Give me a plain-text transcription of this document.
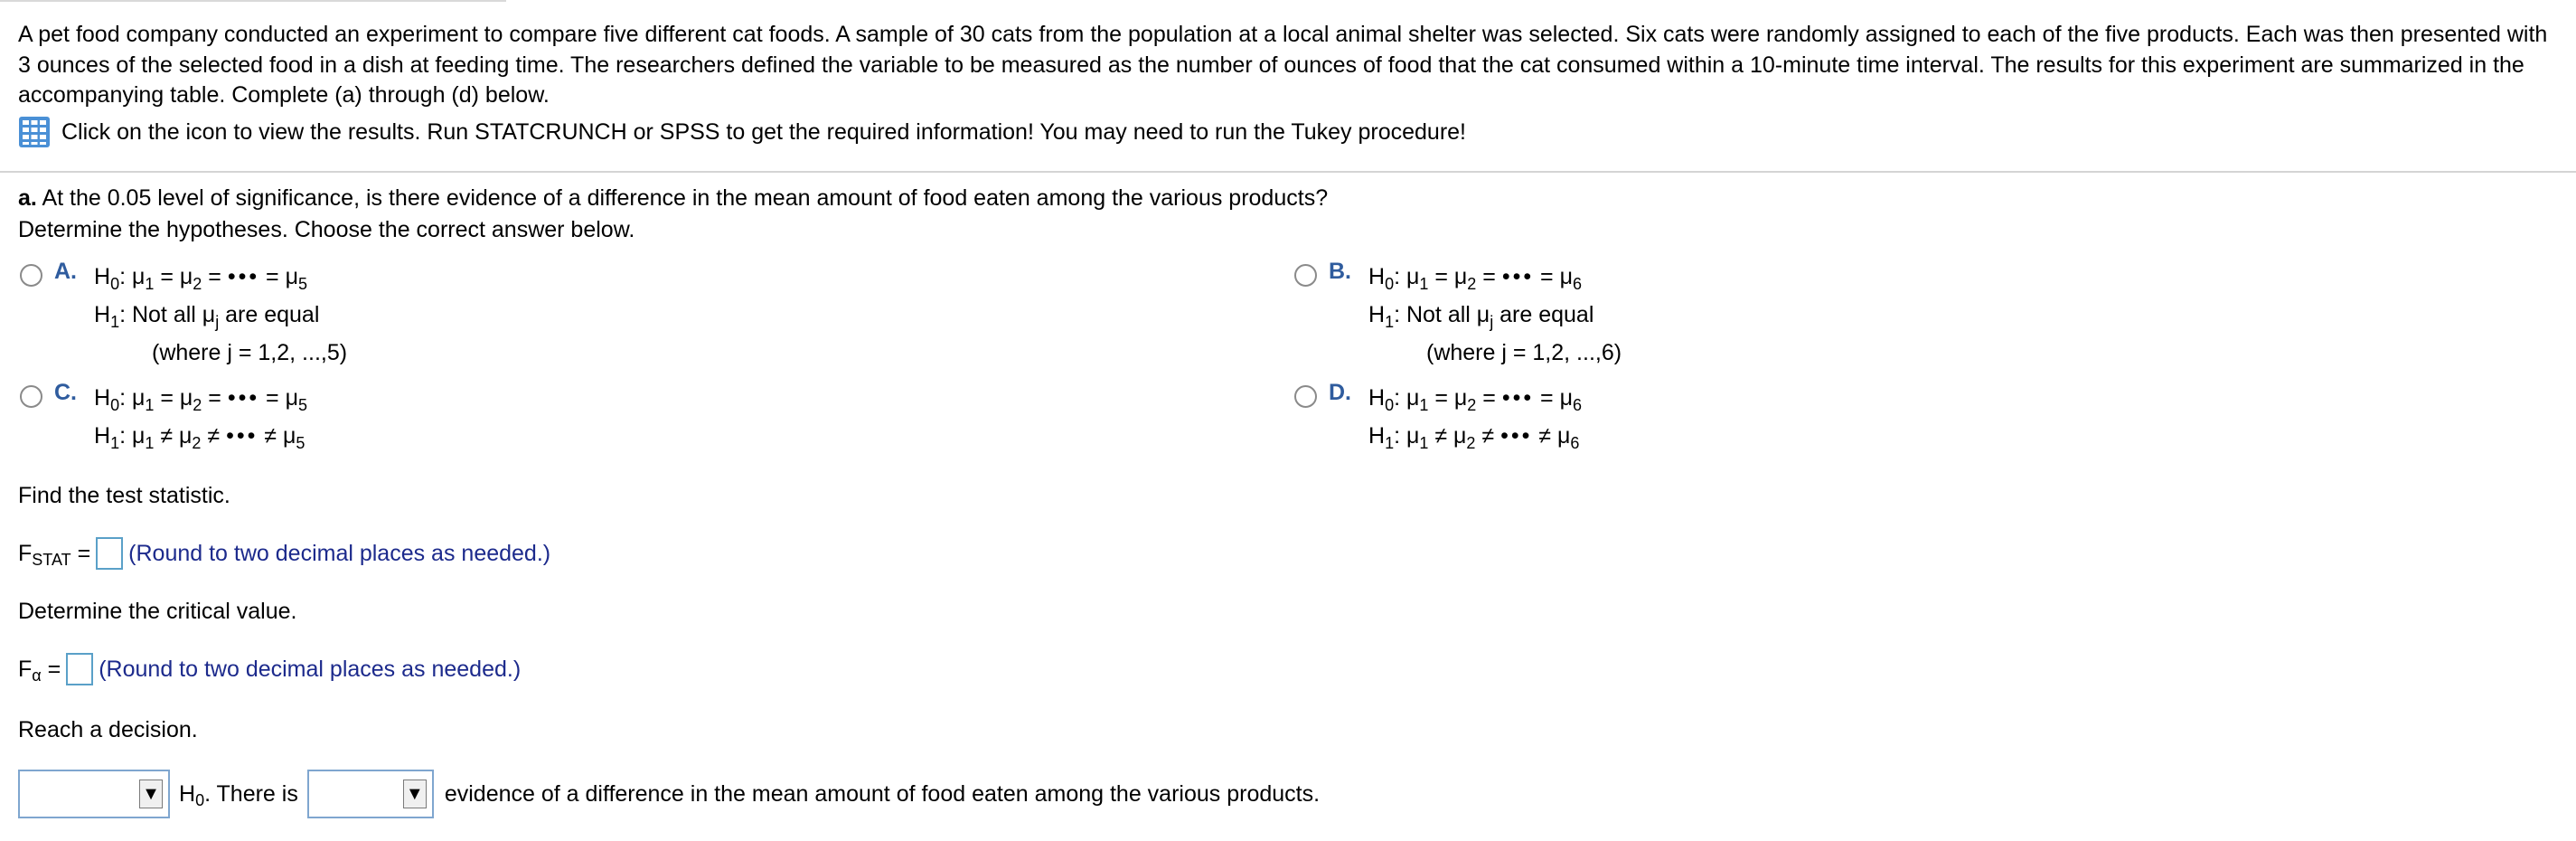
A pet food company conducted an experiment to compare five different cat foods. A sample of 30 cats from the population at a local animal shelter was selected. Six cats were randomly assigned to each of the five products. Each was then presented with 3 ounces of the selected food in a dish at feeding time. The researchers defined the variable to be measured as the number of ounces of food that the cat consumed within a 10-minute time interval. The results for this experiment are summarized in the accompanying table. Complete (a) through (d) below.
Click on the icon to view the results. Run STATCRUNCH or SPSS to get the required information! You may need to run the Tukey procedure!
a. At the 0.05 level of significance, is there evidence of a difference in the mean amount of food eaten among the various products?
Determine the hypotheses. Choose the correct answer below.
A. $H_0$: $\mu_1 = \mu_2$ = ••• = $\mu_5$
$H_1$: Not all $\mu_j$ are equal
(where j = 1,2, ...,5)
B. $H_0$: $\mu_1 = \mu_2$ = ••• = $\mu_6$
$H_1$: Not all $\mu_j$ are equal
(where j = 1,2, ...,6)
C. $H_0$: $\mu_1 = \mu_2$ = ••• = $\mu_5$
$H_1$: $\mu_1 \ne \mu_2$ ≠ ••• ≠ $\mu_5$
D. $H_0$: $\mu_1 = \mu_2$ = ••• = $\mu_6$
$H_1$: $\mu_1 \ne \mu_2$ ≠ ••• ≠ $\mu_6$
Find the test statistic.
$F_{STAT}$ = (Round to two decimal places as needed.)
Determine the critical value.
$F_\alpha$ = (Round to two decimal places as needed.)
Reach a decision.
▼ $H_0$. There is	▼ evidence of a difference in the mean amount of food eaten among the various products.
